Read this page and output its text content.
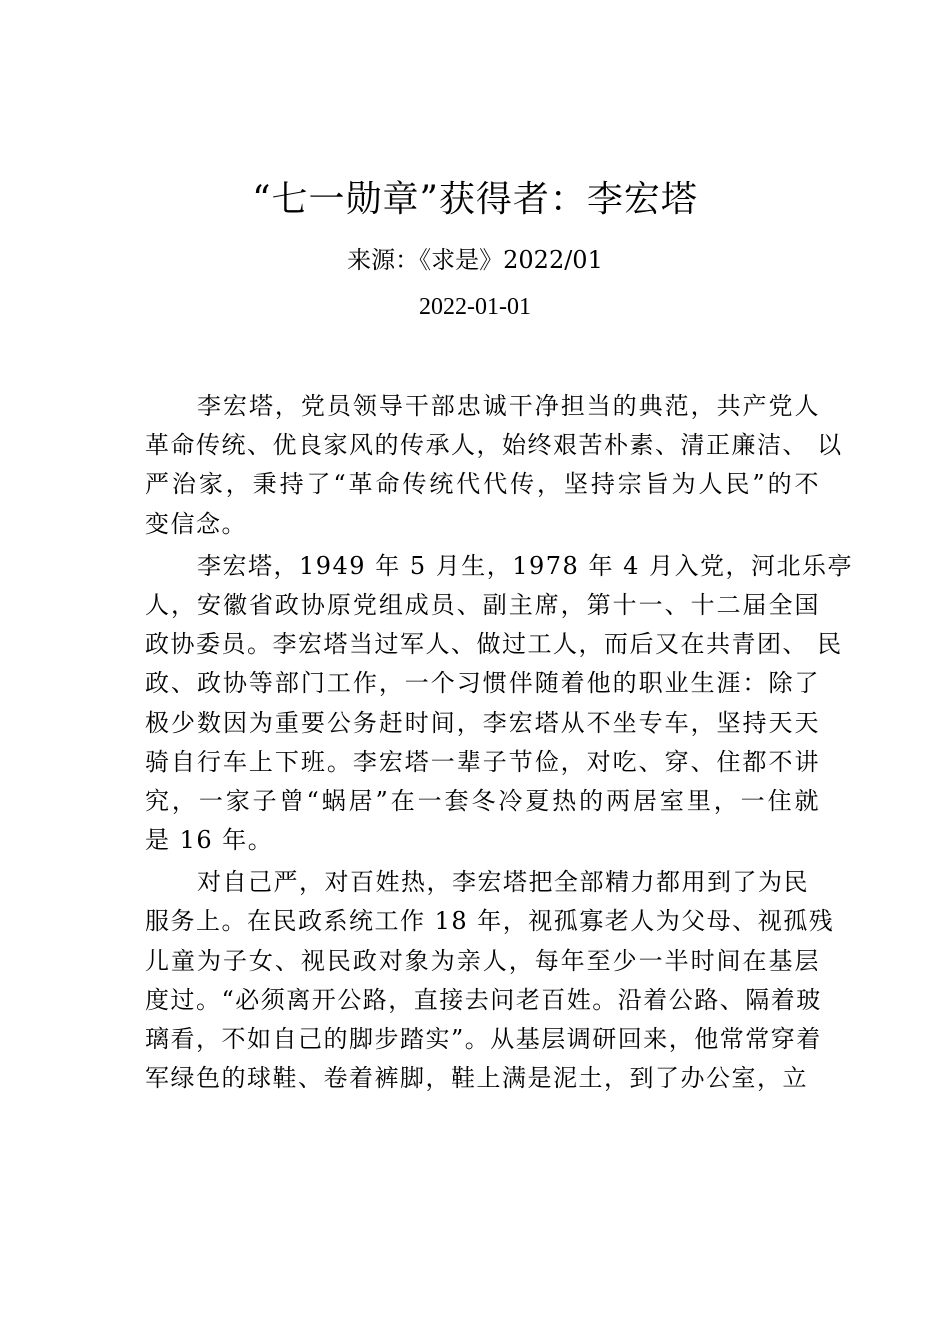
“七一勋章”获得者：李宏塔
来源：《求是》2022/01
2022-01-01
李宏塔，党员领导干部忠诚干净担当的典范，共产党人
革命传统、优良家风的传承人，始终艰苦朴素、清正廉洁、 以
严治家，秉持了“革命传统代代传，坚持宗旨为人民”的不
变信念。
李宏塔，1949 年 5 月生，1978 年 4 月入党，河北乐亭
人，安徽省政协原党组成员、副主席，第十一、十二届全国
政协委员。李宏塔当过军人、做过工人，而后又在共青团、 民
政、政协等部门工作，一个习惯伴随着他的职业生涯：除了
极少数因为重要公务赶时间，李宏塔从不坐专车，坚持天天
骑自行车上下班。李宏塔一辈子节俭，对吃、穿、住都不讲
究，一家子曾“蜗居”在一套冬冷夏热的两居室里，一住就
是 16 年。
对自己严，对百姓热，李宏塔把全部精力都用到了为民
服务上。在民政系统工作 18 年，视孤寡老人为父母、视孤残
儿童为子女、视民政对象为亲人，每年至少一半时间在基层
度过。“必须离开公路，直接去问老百姓。沿着公路、隔着玻
璃看，不如自己的脚步踏实”。从基层调研回来，他常常穿着
军绿色的球鞋、卷着裤脚，鞋上满是泥土，到了办公室，立
